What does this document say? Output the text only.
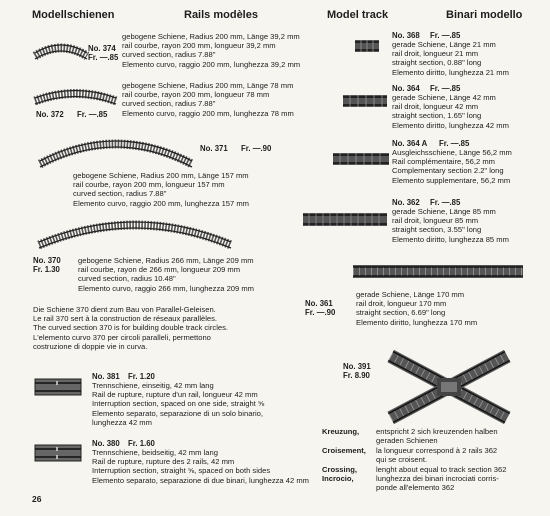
Modellschienen	Rails modèles	Model track	Binari modello
No. 374
Fr. —.85
gebogene Schiene, Radius 200 mm, Länge 39,2 mm
rail courbe, rayon 200 mm, longueur 39,2 mm
curved section, radius 7.88"
Elemento curvo, raggio 200 mm, lunghezza 39,2 mm
No. 372 Fr. —.85
gebogene Schiene, Radius 200 mm, Länge 78 mm
rail courbe, rayon 200 mm, longueur 78 mm
curved section, radius 7.88"
Elemento curvo, raggio 200 mm, lunghezza 78 mm
No. 371 Fr. —.90
gebogene Schiene, Radius 200 mm, Länge 157 mm
rail courbe, rayon 200 mm, longueur 157 mm
curved section, radius 7.88"
Elemento curvo, raggio 200 mm, lunghezza 157 mm
No. 370
Fr. 1.30
gebogene Schiene, Radius 266 mm, Länge 209 mm
rail courbe, rayon de 266 mm, longueur 209 mm
curved section, radius 10.48"
Elemento curvo, raggio 266 mm, lunghezza 209 mm
Die Schiene 370 dient zum Bau von Parallel-Geleisen.
Le rail 370 sert à la construction de réseaux parallèles.
The curved section 370 is for building double track circles.
L'elemento curvo 370 per circoli paralleli, permettono
costruzione di doppie vie in curva.
No. 381 Fr. 1.20
Trennschiene, einseitig, 42 mm lang
Rail de rupture, rupture d'un rail, longueur 42 mm
Interruption section, spaced on one side, straight ⅝
Elemento separato, separazione di un solo binario,
lunghezza 42 mm
No. 380 Fr. 1.60
Trennschiene, beidseitig, 42 mm lang
Rail de rupture, rupture des 2 rails, 42 mm
Interruption section, straight ⅝, spaced on both sides
Elemento separato, separazione di due binari, lunghezza 42 mm
26
No. 368 Fr. —.85
gerade Schiene, Länge 21 mm
rail droit, longueur 21 mm
straight section, 0.88" long
Elemento diritto, lunghezza 21 mm
No. 364 Fr. —.85
gerade Schiene, Länge 42 mm
rail droit, longueur 42 mm
straight section, 1.65" long
Elemento diritto, lunghezza 42 mm
No. 364 A Fr. —.85
Ausgleichsschiene, Länge 56,2 mm
Rail complémentaire, 56,2 mm
Complementary section 2.2" long
Elemento supplementare, 56,2 mm
No. 362 Fr. —.85
gerade Schiene, Länge 85 mm
rail droit, longueur 85 mm
straight section, 3.55" long
Elemento diritto, lunghezza 85 mm
No. 361
Fr. —.90
gerade Schiene, Länge 170 mm
rail droit, longueur 170 mm
straight section, 6.69" long
Elemento diritto, lunghezza 170 mm
No. 391
Fr. 8.90
Kreuzung, entspricht 2 sich kreuzenden halben
geraden Schienen
Croisement, la longueur correspond à 2 rails 362
qui se croisent.
Crossing, lenght about equal to track section 362
Incrocio,	lunghezza dei binari incrociati corris-
ponde all'elemento 362
